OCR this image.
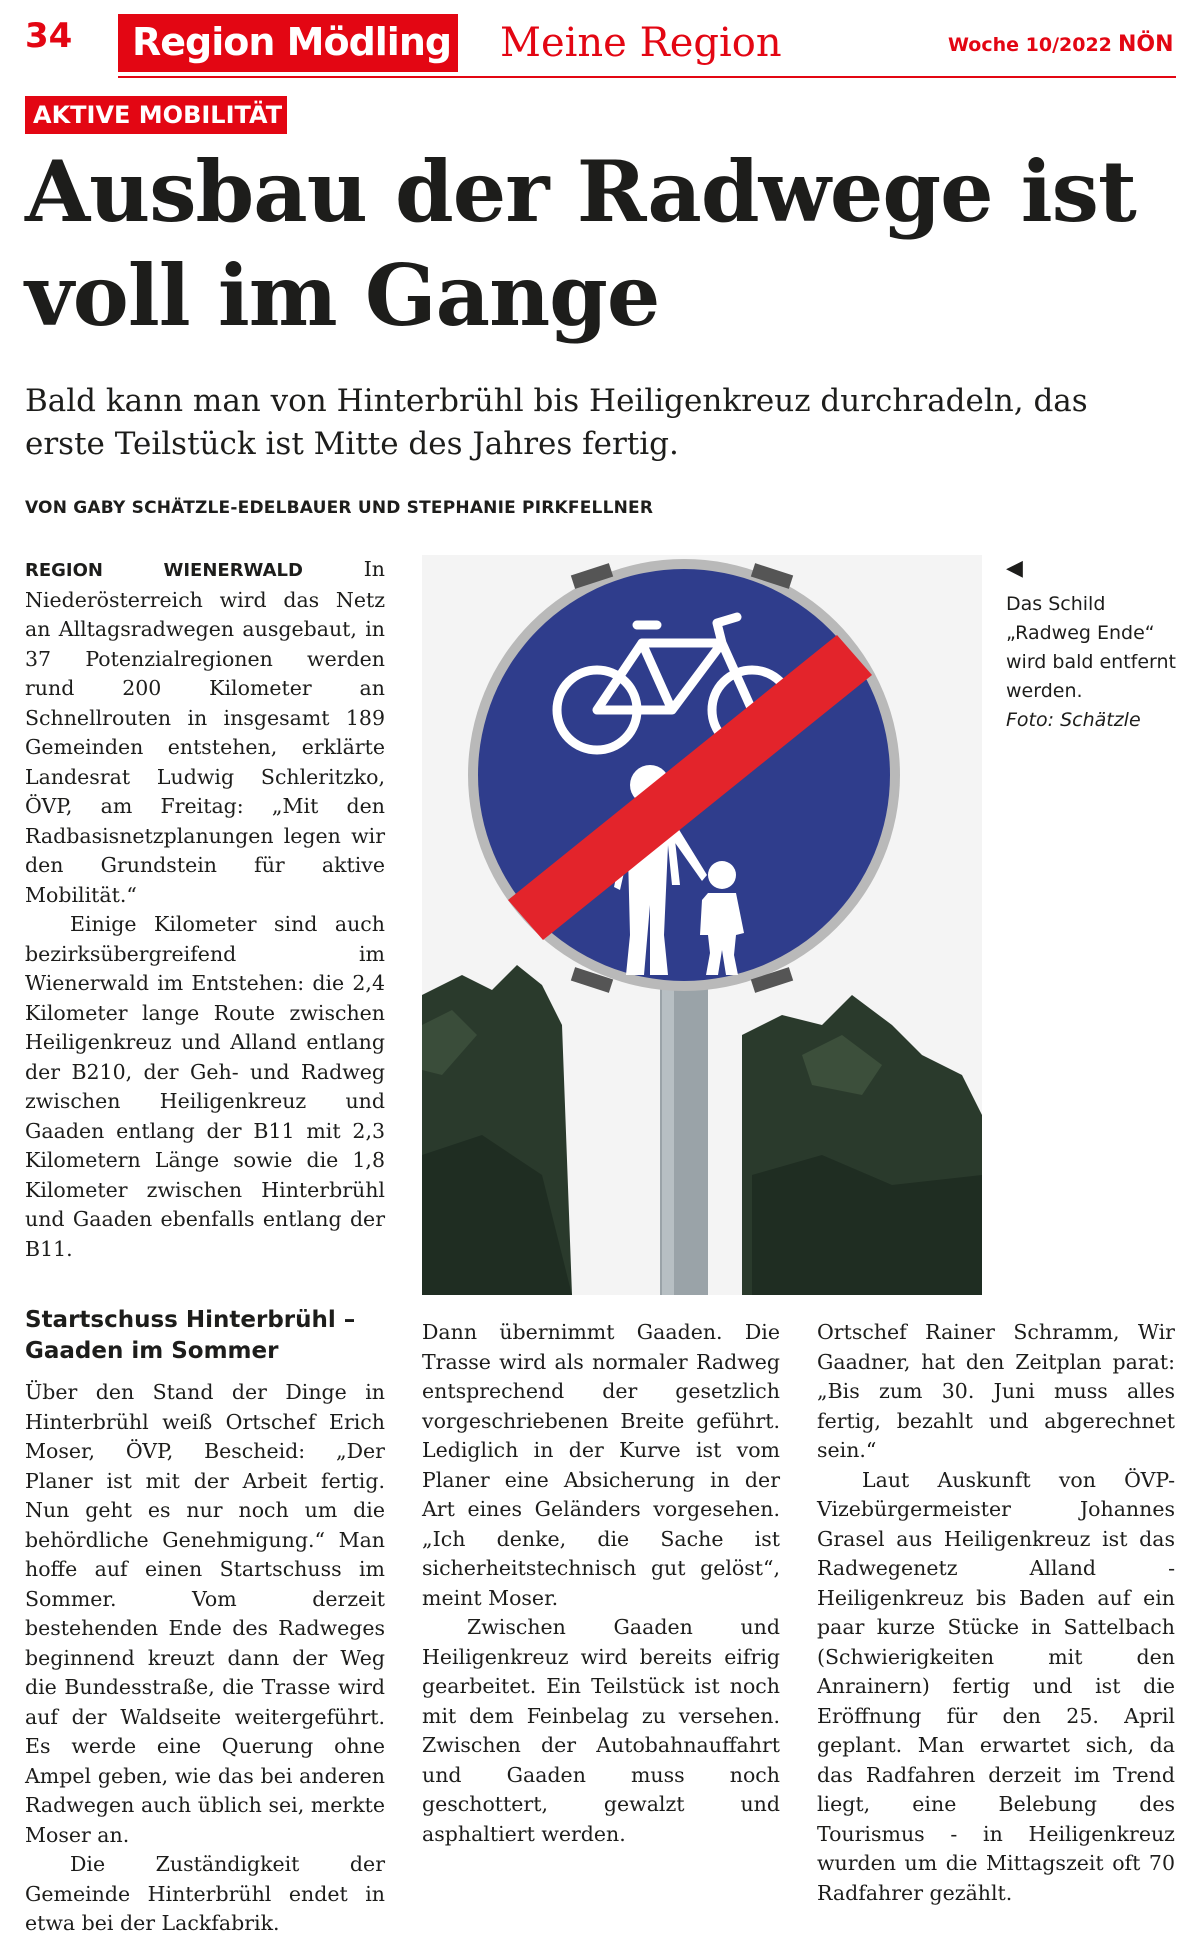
34 Region Mödling Meine Region	Woche 10/2022 NÖN
AKTIVE MOBILITÄT
Ausbau der Radwege ist voll im Gange

Bald kann man von Hinterbrühl bis Heiligenkreuz durchradeln, das erste Teilstück ist Mitte des Jahres fertig.

VON GABY SCHÄTZLE-EDELBAUER UND STEPHANIE PIRKFELLNER

REGION WIENERWALD In Niederösterreich wird das Netz an Alltagsradwegen ausgebaut, in 37 Potenzialregionen werden rund 200 Kilometer an Schnellrouten in insgesamt 189 Gemeinden entstehen, erklärte Landesrat Ludwig Schleritzko, ÖVP, am Freitag: „Mit den Radbasisnetzplanungen legen wir den Grundstein für aktive Mobilität.“

Einige Kilometer sind auch bezirksübergreifend im Wienerwald im Entstehen: die 2,4 Kilometer lange Route zwischen Heiligenkreuz und Alland entlang der B210, der Geh- und Radweg zwischen Heiligenkreuz und Gaaden entlang der B11 mit 2,3 Kilometern Länge sowie die 1,8 Kilometer zwischen Hinterbrühl und Gaaden ebenfalls entlang der B11.

◀

Das Schild „Radweg Ende“ wird bald entfernt werden.
Foto: Schätzle

Startschuss Hinterbrühl – Gaaden im Sommer

Über den Stand der Dinge in Hinterbrühl weiß Ortschef Erich Moser, ÖVP, Bescheid: „Der Planer ist mit der Arbeit fertig. Nun geht es nur noch um die behördliche Genehmigung.“ Man hoffe auf einen Startschuss im Sommer. Vom derzeit bestehenden Ende des Radweges beginnend kreuzt dann der Weg die Bundesstraße, die Trasse wird auf der Waldseite weitergeführt. Es werde eine Querung ohne Ampel geben, wie das bei anderen Radwegen auch üblich sei, merkte Moser an.

Die Zuständigkeit der Gemeinde Hinterbrühl endet in etwa bei der Lackfabrik.

Dann übernimmt Gaaden. Die Trasse wird als normaler Radweg entsprechend der gesetzlich vorgeschriebenen Breite geführt. Lediglich in der Kurve ist vom Planer eine Absicherung in der Art eines Geländers vorgesehen. „Ich denke, die Sache ist sicherheitstechnisch gut gelöst“, meint Moser.

Zwischen Gaaden und Heiligenkreuz wird bereits eifrig gearbeitet. Ein Teilstück ist noch mit dem Feinbelag zu versehen. Zwischen der Autobahnauffahrt und Gaaden muss noch geschottert, gewalzt und asphaltiert werden.

Ortschef Rainer Schramm, Wir Gaadner, hat den Zeitplan parat: „Bis zum 30. Juni muss alles fertig, bezahlt und abgerechnet sein.“

Laut Auskunft von ÖVP-Vizebürgermeister Johannes Grasel aus Heiligenkreuz ist das Radwegenetz Alland - Heiligenkreuz bis Baden auf ein paar kurze Stücke in Sattelbach (Schwierigkeiten mit den Anrainern) fertig und ist die Eröffnung für den 25. April geplant. Man erwartet sich, da das Radfahren derzeit im Trend liegt, eine Belebung des Tourismus - in Heiligenkreuz wurden um die Mittagszeit oft 70 Radfahrer gezählt.
